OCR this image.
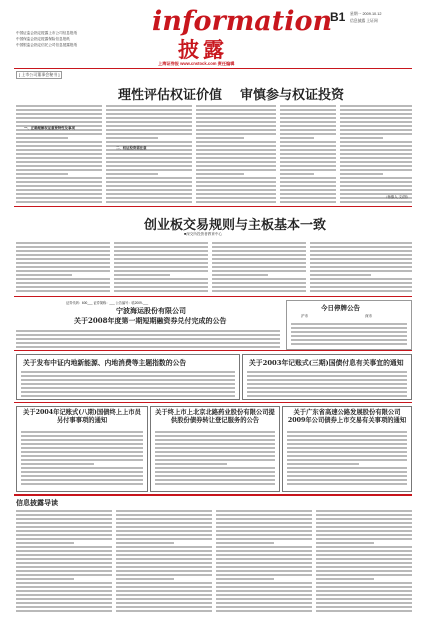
中国证监会指定披露上市公司信息报纸
中国保监会指定披露保险信息报纸
中国银监会指定信托公司信息披露报纸
information
披露
B1 星期一 2009.10.12
信息披露 上证网
上海证券报 www.cnstock.com 责任编辑
[ 上市公司董事会秘书 ]
理性评估权证价值 审慎参与权证投资
一、正确理解权证重要特性及事项
二、权证投资需注意
（杨慎人 文/图）
创业板交易规则与主板基本一致
■深交所投资者教育中心
证券代码：600___ 证券简称：___ 公告编号：临2009-___
宁波海运股份有限公司
关于2008年度第一期短期融资券兑付完成的公告
今日停牌公告
沪市	深市
关于发布中证内地新能源、内地消费等主题指数的公告	关于2003年记账式(三期)国债付息有关事宜的通知
关于2004年记账式(八期)国债终上上市员另付事事项的通知
关于终上市上北京北路药业股份有限公司提供股份债券转让登记服务的公告
关于广东省高速公路发展股份有限公司2009年公司债券上市交易有关事项的通知
信息披露导读
